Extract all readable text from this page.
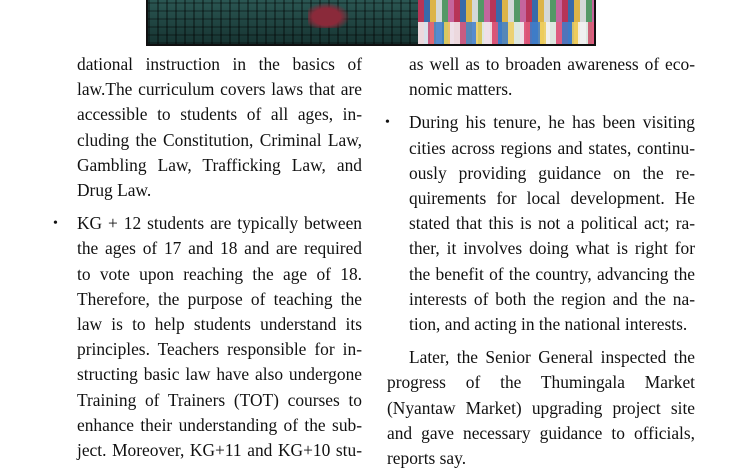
dational instruction in the basics of
law.The curriculum covers laws that are
accessible to students of all ages, in-
cluding the Constitution, Criminal Law,
Gambling Law, Trafficking Law, and
Drug Law.
• KG + 12 students are typically between
the ages of 17 and 18 and are required
to vote upon reaching the age of 18.
Therefore, the purpose of teaching the
law is to help students understand its
principles. Teachers responsible for in-
structing basic law have also undergone
Training of Trainers (TOT) courses to
enhance their understanding of the sub-
ject. Moreover, KG+11 and KG+10 stu-
as well as to broaden awareness of eco-
nomic matters.
• During his tenure, he has been visiting
cities across regions and states, continu-
ously providing guidance on the re-
quirements for local development. He
stated that this is not a political act; ra-
ther, it involves doing what is right for
the benefit of the country, advancing the
interests of both the region and the na-
tion, and acting in the national interests.
Later, the Senior General inspected the
progress of the Thumingala Market
(Nyantaw Market) upgrading project site
and gave necessary guidance to officials,
reports say.
